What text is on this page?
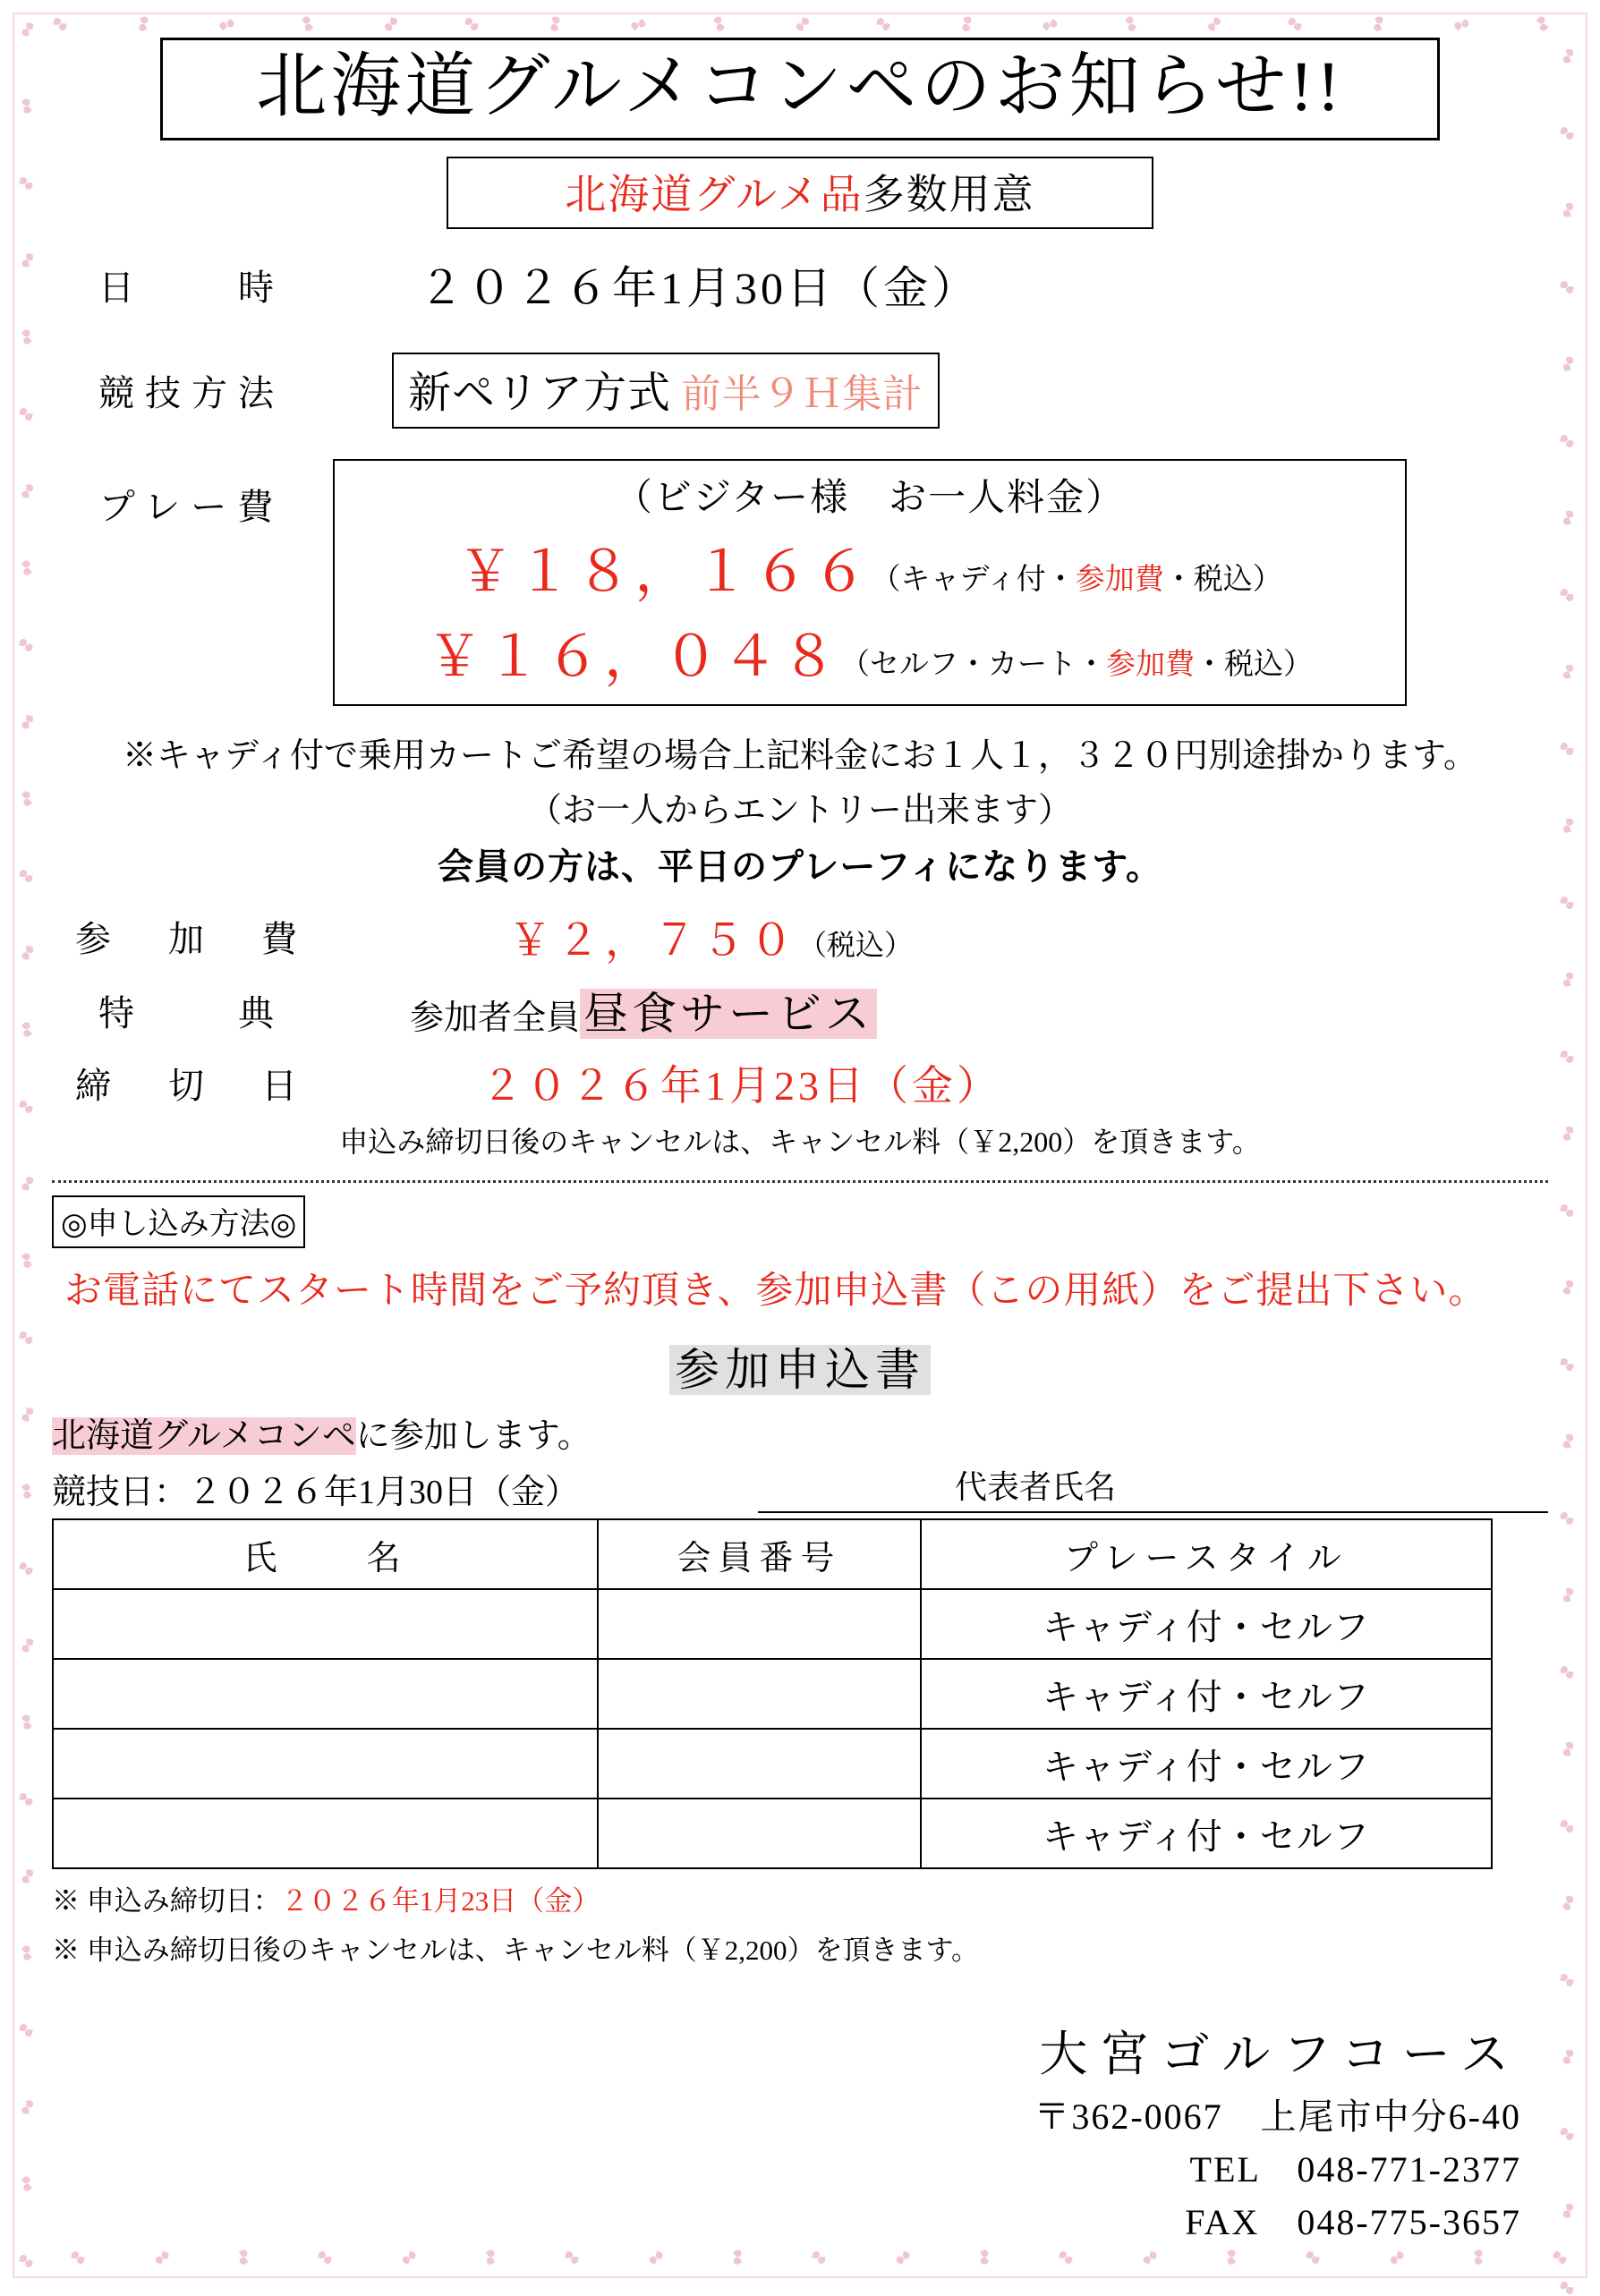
北海道グルメコンペのお知らせ!!
北海道グルメ品多数用意
日　　時	２０２６年1月30日（金）
競技方法	新ペリア方式 前半９Ｈ集計
プレー費	（ビジター様　お一人料金）
￥１８，１６６（キャディ付・参加費・税込）
￥１６，０４８（セルフ・カート・参加費・税込）
※キャディ付で乗用カートご希望の場合上記料金にお１人１，３２０円別途掛かります。
（お一人からエントリー出来ます）
会員の方は、平日のプレーフィになります。
参　加　費	￥２，７５０（税込）
特　　典	参加者全員昼食サービス
締　切　日	２０２６年1月23日（金）
申込み締切日後のキャンセルは、キャンセル料（￥2,200）を頂きます。
◎申し込み方法◎
お電話にてスタート時間をご予約頂き、参加申込書（この用紙）をご提出下さい。
参加申込書
北海道グルメコンペに参加します。
競技日：２０２６年1月30日（金）	代表者氏名
氏　　名	会員番号	プレースタイル
		キャディ付・セルフ
		キャディ付・セルフ
		キャディ付・セルフ
		キャディ付・セルフ
※ 申込み締切日：２０２６年1月23日（金）
※ 申込み締切日後のキャンセルは、キャンセル料（￥2,200）を頂きます。
大宮ゴルフコース
〒362-0067　上尾市中分6-40
TEL　048-771-2377
FAX　048-775-3657
